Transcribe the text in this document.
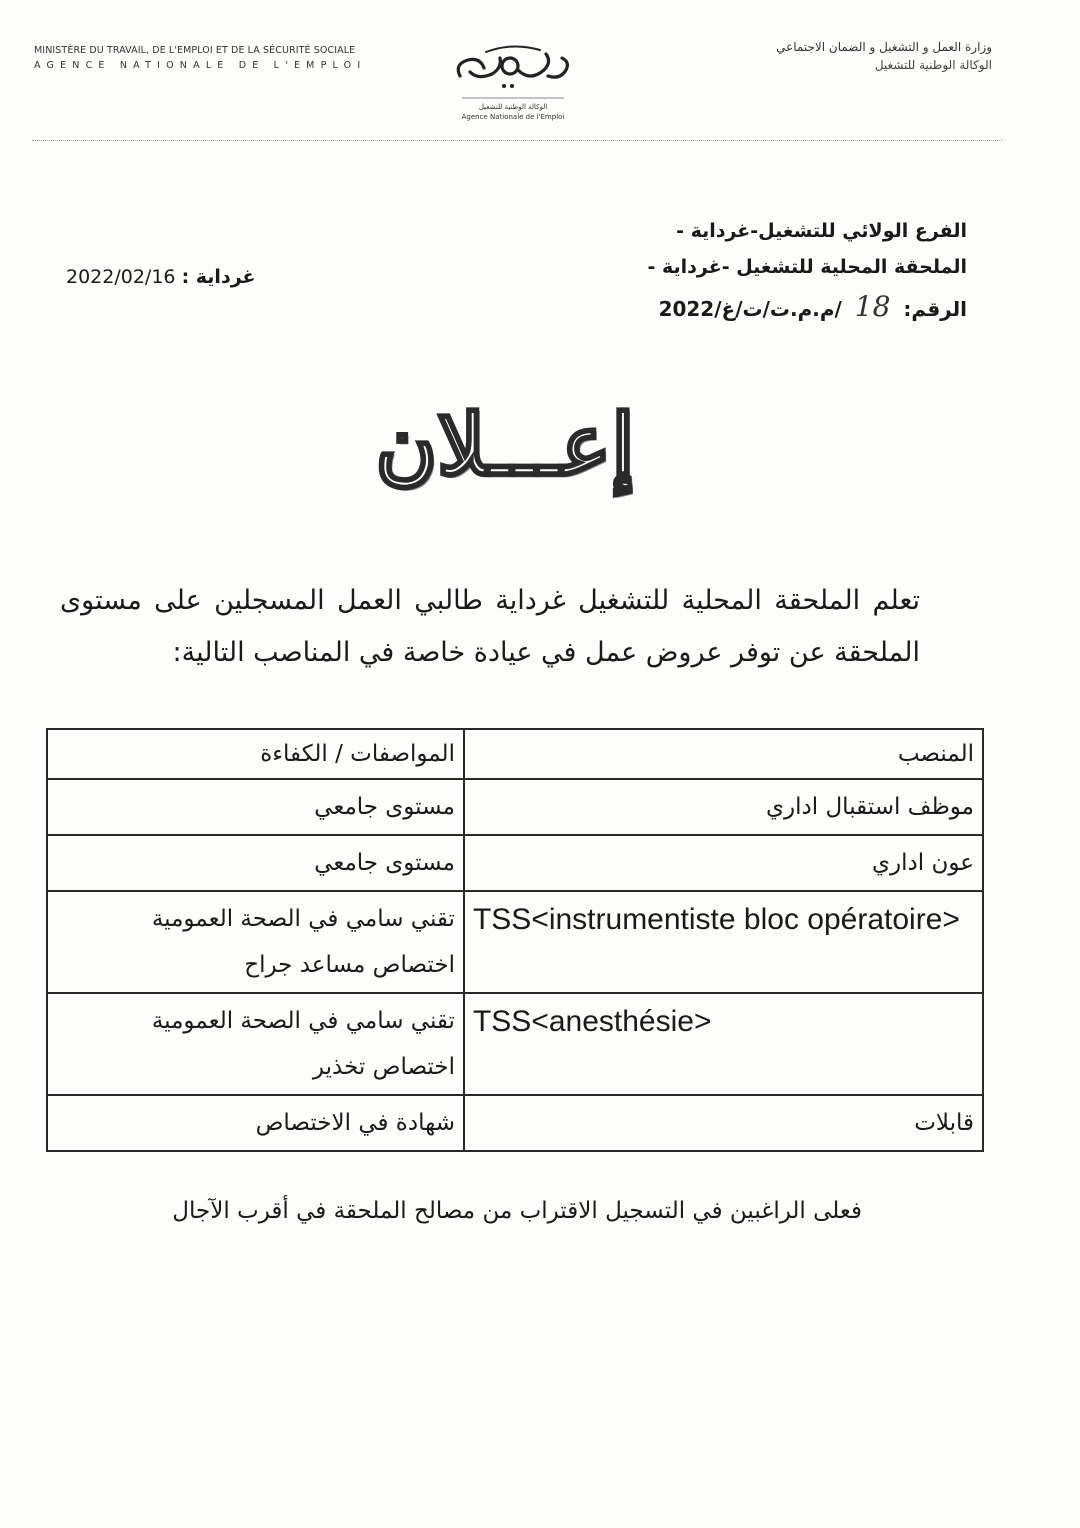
MINISTÈRE DU TRAVAIL, DE L'EMPLOI ET DE LA SÉCURITÉ SOCIALE
AGENCE NATIONALE DE L'EMPLOI
الوكالة الوطنية للتشغيل
Agence Nationale de l'Emploi
وزارة العمل و التشغيل و الضمان الاجتماعي
الوكالة الوطنية للتشغيل
الفرع الولائي للتشغيل-غرداية -
الملحقة المحلية للتشغيل -غرداية -
الرقم: 18 /م.م.ت/ت/غ/2022
2022/02/16 غرداية :
إعـــلان
تعلم الملحقة المحلية للتشغيل غرداية طالبي العمل المسجلين على مستوى الملحقة عن توفر عروض عمل في عيادة خاصة في المناصب التالية:
المنصب	المواصفات / الكفاءة
موظف استقبال اداري	مستوى جامعي
عون اداري	مستوى جامعي
TSS<instrumentiste bloc opératoire>	تقني سامي في الصحة العمومية
اختصاص مساعد جراح

TSS<anesthésie>	تقني سامي في الصحة العمومية
اختصاص تخذير

قابلات	شهادة في الاختصاص
فعلى الراغبين في التسجيل الاقتراب من مصالح الملحقة في أقرب الآجال
